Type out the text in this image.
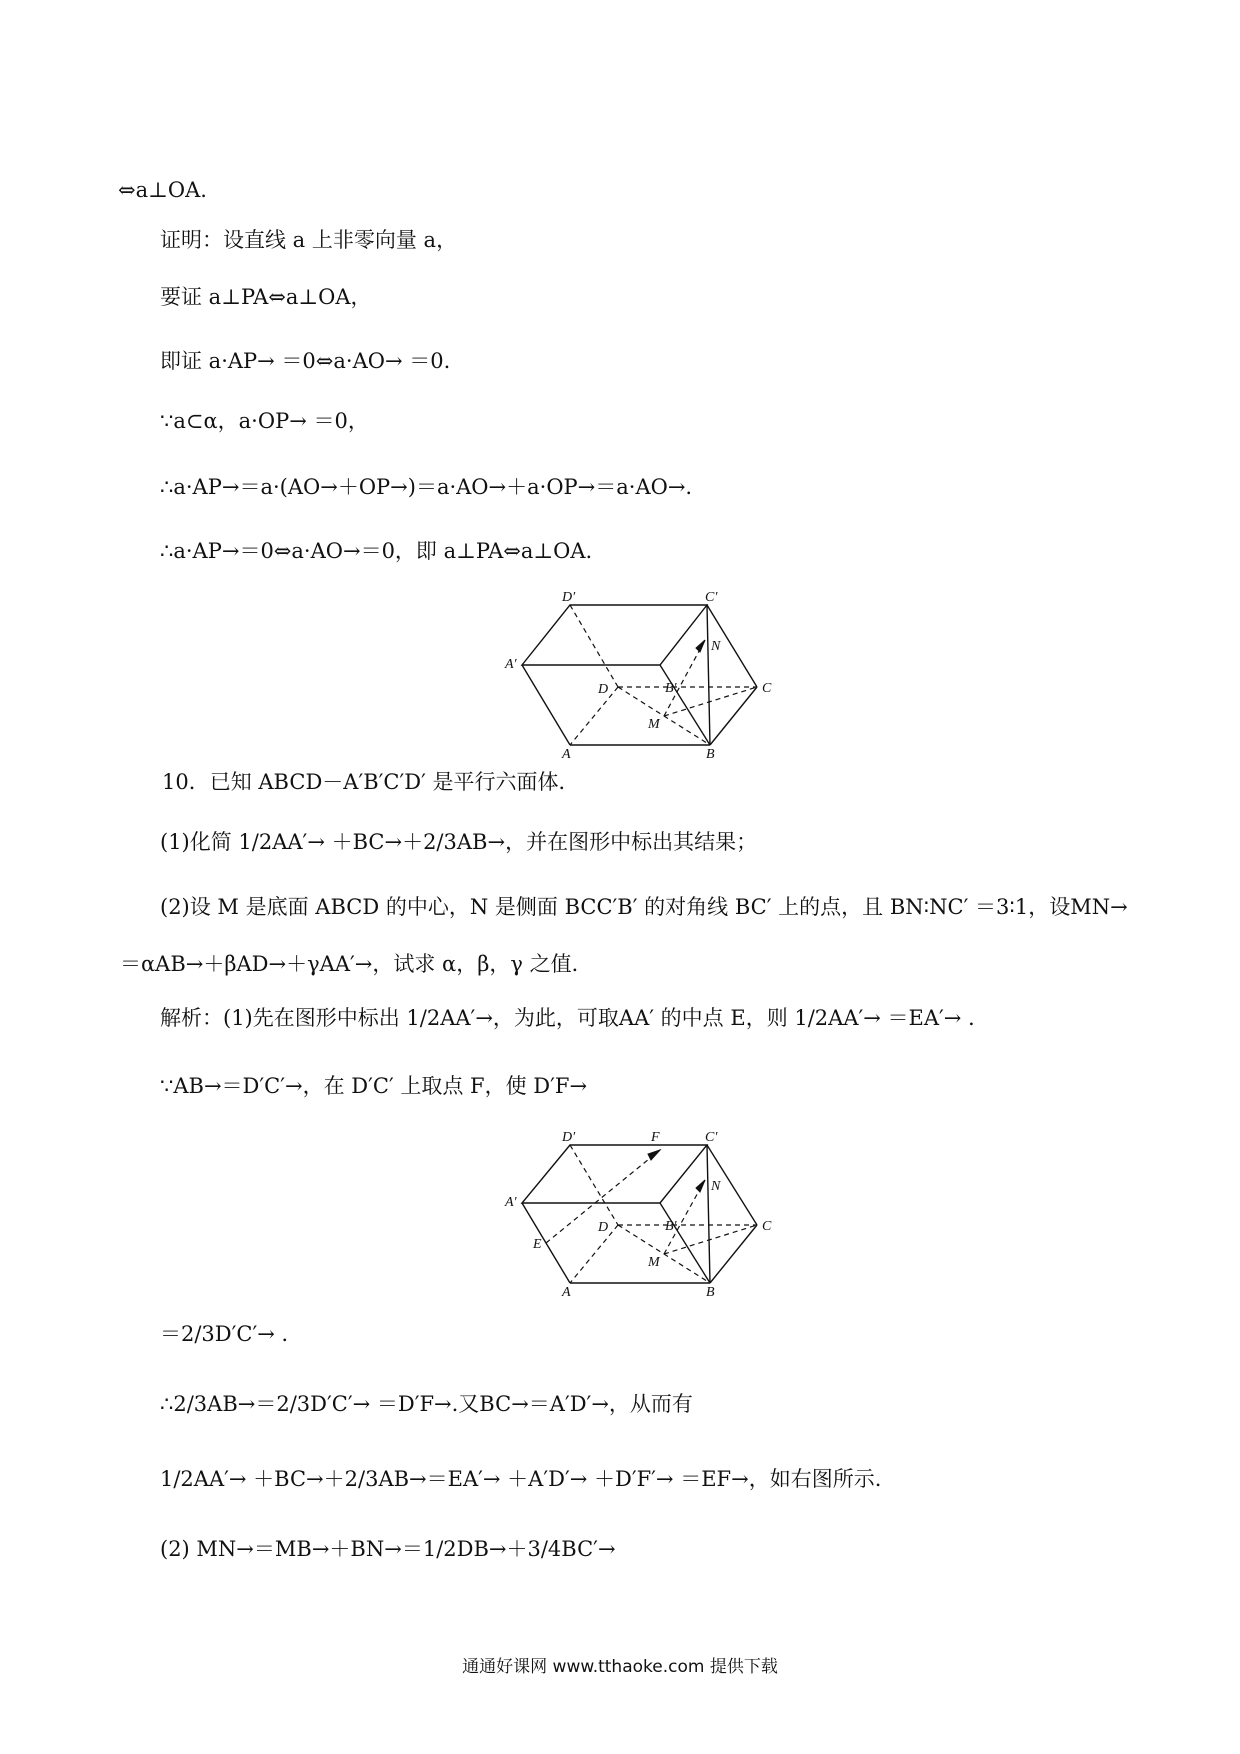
⇔a⊥OA.
证明：设直线 a 上非零向量 a，
要证 a⊥PA⇔a⊥OA，
即证 a·AP→ ＝0⇔a·AO→ ＝0.
∵a⊂α，a·OP→ ＝0，
∴a·AP→＝a·(AO→＋OP→)＝a·AO→＋a·OP→＝a·AO→.
∴a·AP→＝0⇔a·AO→＝0，即 a⊥PA⇔a⊥OA.
D′	C′
A′
B′
N
C
D
M
A	B
10．已知 ABCD－A′B′C′D′ 是平行六面体．
(1)化简 1/2AA′→ ＋BC→＋2/3AB→，并在图形中标出其结果；
(2)设 M 是底面 ABCD 的中心，N 是侧面 BCC′B′ 的对角线 BC′ 上的点，且 BN∶NC′ ＝3∶1，设MN→
＝αAB→＋βAD→＋γAA′→，试求 α，β，γ 之值．
解析：(1)先在图形中标出 1/2AA′→，为此，可取AA′ 的中点 E，则 1/2AA′→ ＝EA′→ ．
∵AB→＝D′C′→，在 D′C′ 上取点 F，使 D′F→
D′	F	C′
A′
B′
N
C
E
D
M
A	B
＝2/3D′C′→ ．
∴2/3AB→＝2/3D′C′→ ＝D′F→.又BC→＝A′D′→，从而有
1/2AA′→ ＋BC→＋2/3AB→＝EA′→ ＋A′D′→ ＋D′F′→ ＝EF→，如右图所示.
(2) MN→＝MB→＋BN→＝1/2DB→＋3/4BC′→
通通好课网 www.tthaoke.com 提供下载
